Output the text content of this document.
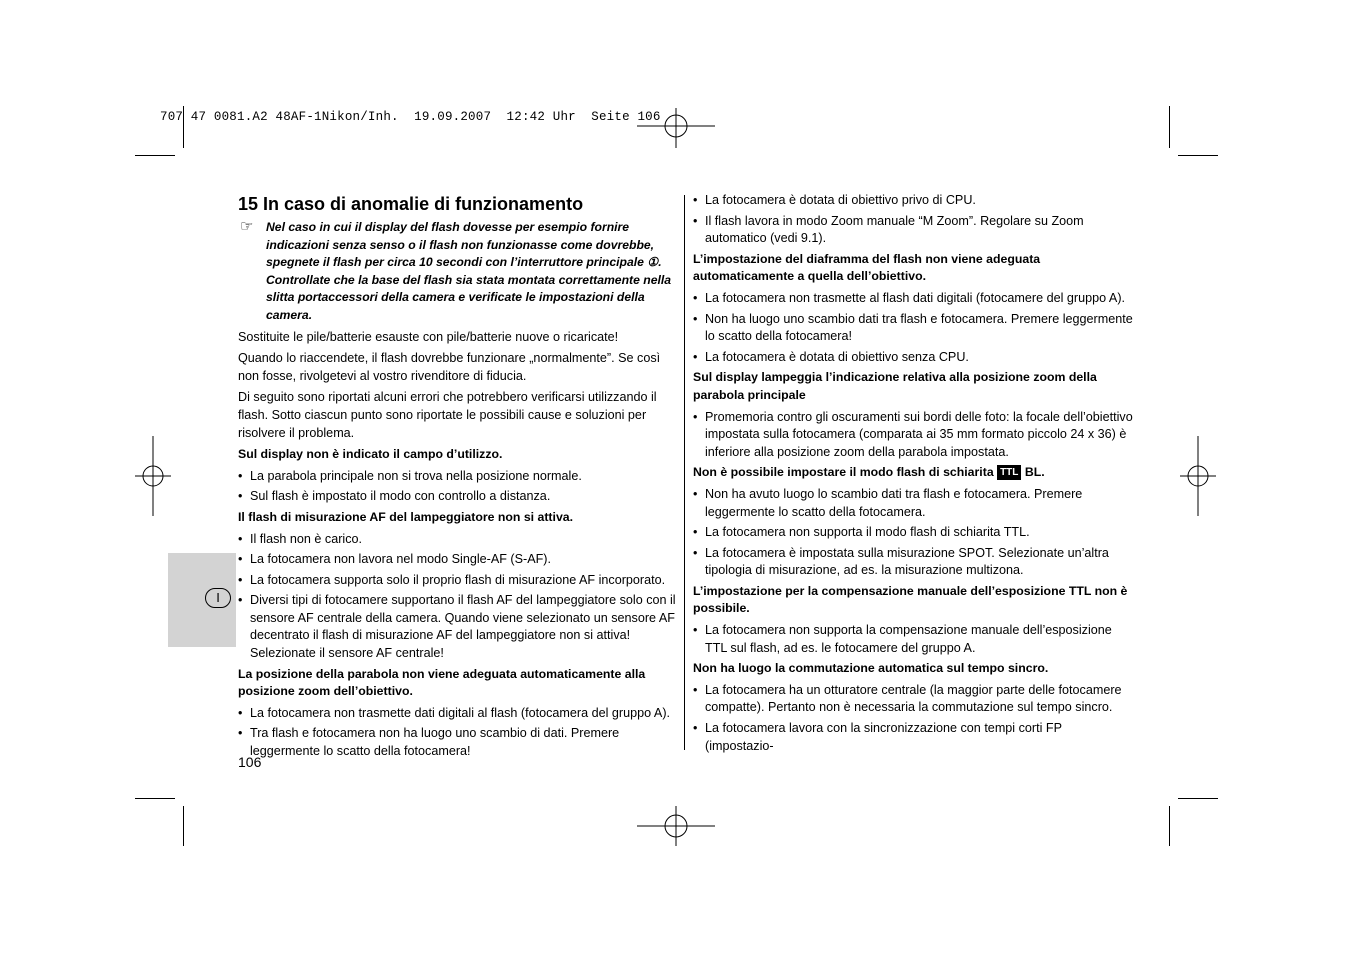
707 47 0081.A2 48AF-1Nikon/Inh.  19.09.2007  12:42 Uhr  Seite 106
I
15 In caso di anomalie di funzionamento
☞ Nel caso in cui il display del flash dovesse per esempio fornire indicazioni senza senso o il flash non funzionasse come dovrebbe, spegnete il flash per circa 10 secondi con l’interruttore principale ①. Controllate che la base del flash sia stata montata correttamente nella slitta portaccessori della camera e verificate le impostazioni della camera.

Sostituite le pile/batterie esauste con pile/batterie nuove o ricaricate!

Quando lo riaccendete, il flash dovrebbe funzionare „normalmente”. Se così non fosse, rivolgetevi al vostro rivenditore di fiducia.

Di seguito sono riportati alcuni errori che potrebbero verificarsi utilizzando il flash. Sotto ciascun punto sono riportate le possibili cause e soluzioni per risolvere il problema.

Sul display non è indicato il campo d’utilizzo.
• La parabola principale non si trova nella posizione normale.
• Sul flash è impostato il modo con controllo a distanza.
Il flash di misurazione AF del lampeggiatore non si attiva.
• Il flash non è carico.
• La fotocamera non lavora nel modo Single-AF (S-AF).
• La fotocamera supporta solo il proprio flash di misurazione AF incorporato.
• Diversi tipi di fotocamere supportano il flash AF del lampeggiatore solo con il sensore AF centrale della camera. Quando viene selezionato un sensore AF decentrato il flash di misurazione AF del lampeggiatore non si attiva! Selezionate il sensore AF centrale!
La posizione della parabola non viene adeguata automaticamente alla posizione zoom dell’obiettivo.
• La fotocamera non trasmette dati digitali al flash (fotocamera del gruppo A).
• Tra flash e fotocamera non ha luogo uno scambio di dati. Premere leggermente lo scatto della fotocamera!
• La fotocamera è dotata di obiettivo privo di CPU.
• Il flash lavora in modo Zoom manuale “M Zoom”. Regolare su Zoom automatico (vedi 9.1).
L’impostazione del diaframma del flash non viene adeguata automaticamente a quella dell’obiettivo.
• La fotocamera non trasmette al flash dati digitali (fotocamere del gruppo A).
• Non ha luogo uno scambio dati tra flash e fotocamera. Premere leggermente lo scatto della fotocamera!
• La fotocamera è dotata di obiettivo senza CPU.
Sul display lampeggia l’indicazione relativa alla posizione zoom della parabola principale
• Promemoria contro gli oscuramenti sui bordi delle foto: la focale dell’obiettivo impostata sulla fotocamera (comparata ai 35 mm formato piccolo 24 x 36) è inferiore alla posizione zoom della parabola impostata.
Non è possibile impostare il modo flash di schiarita TTL BL.
• Non ha avuto luogo lo scambio dati tra flash e fotocamera. Premere leggermente lo scatto della fotocamera.
• La fotocamera non supporta il modo flash di schiarita TTL.
• La fotocamera è impostata sulla misurazione SPOT. Selezionate un’altra tipologia di misurazione, ad es. la misurazione multizona.
L’impostazione per la compensazione manuale dell’esposizione TTL non è possibile.
• La fotocamera non supporta la compensazione manuale dell’esposizione TTL sul flash, ad es. le fotocamere del gruppo A.
Non ha luogo la commutazione automatica sul tempo sincro.
• La fotocamera ha un otturatore centrale (la maggior parte delle fotocamere compatte). Pertanto non è necessaria la commutazione sul tempo sincro.
• La fotocamera lavora con la sincronizzazione con tempi corti FP (impostazio-
106
